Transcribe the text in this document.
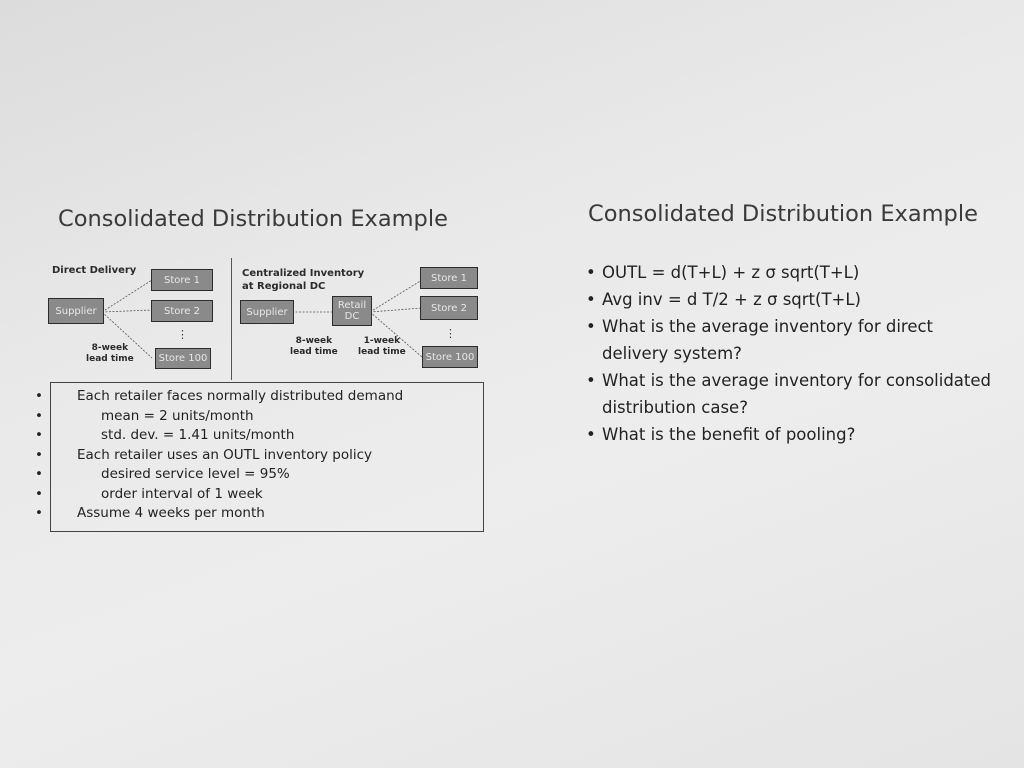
Consolidated Distribution Example
Direct Delivery
Supplier
Store 1
Store 2
⋮
Store 100
8-week
lead time
Centralized Inventory
at Regional DC
Supplier
Retail
DC
Store 1
Store 2
⋮
Store 100
8-week
lead time
1-week
lead time
• Each retailer faces normally distributed demand
• mean = 2 units/month
• std. dev. = 1.41 units/month
• Each retailer uses an OUTL inventory policy
• desired service level = 95%
• order interval of 1 week
• Assume 4 weeks per month
Consolidated Distribution Example
• OUTL = d(T+L) + z σ sqrt(T+L)
• Avg inv = d T/2 + z σ sqrt(T+L)
• What is the average inventory for direct
delivery system?
• What is the average inventory for consolidated
distribution case?
• What is the benefit of pooling?
